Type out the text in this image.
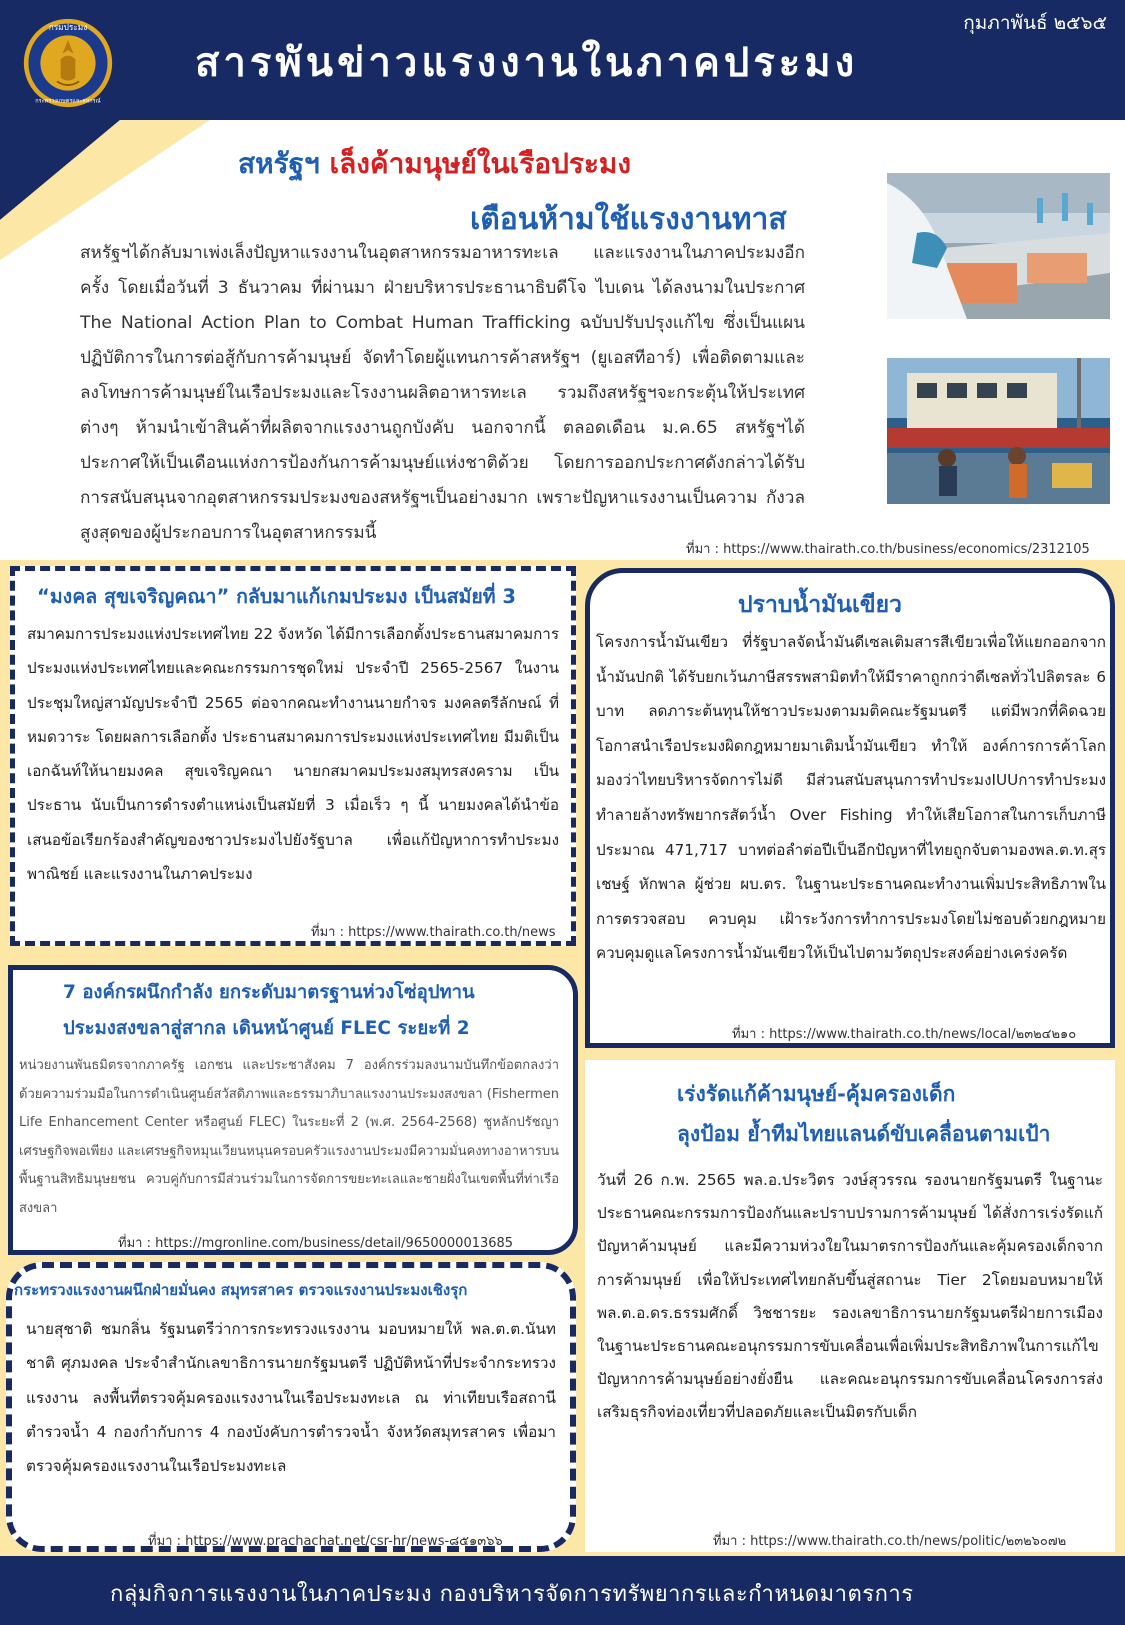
กุมภาพันธ์ ๒๕๖๕
สารพันข่าวแรงงานในภาคประมง
กรมประมง
กระทรวงเกษตรและสหกรณ์
สหรัฐฯ เล็งค้ามนุษย์ในเรือประมง
เตือนห้ามใช้แรงงานทาส
สหรัฐฯได้กลับมาเพ่งเล็งปัญหาแรงงานในอุตสาหกรรมอาหารทะเล และแรงงานในภาคประมงอีกครั้ง โดยเมื่อวันที่ 3 ธันวาคม ที่ผ่านมา ฝ่ายบริหารประธานาธิบดีโจ ไบเดน ได้ลงนามในประกาศ The National Action Plan to Combat Human Trafficking ฉบับปรับปรุงแก้ไข ซึ่งเป็นแผนปฏิบัติการในการต่อสู้กับการค้ามนุษย์ จัดทำโดยผู้แทนการค้าสหรัฐฯ (ยูเอสทีอาร์) เพื่อติดตามและลงโทษการค้ามนุษย์ในเรือประมงและโรงงานผลิตอาหารทะเล รวมถึงสหรัฐฯจะกระตุ้นให้ประเทศต่างๆ ห้ามนำเข้าสินค้าที่ผลิตจากแรงงานถูกบังคับ นอกจากนี้ ตลอดเดือน ม.ค.65 สหรัฐฯได้ประกาศให้เป็นเดือนแห่งการป้องกันการค้ามนุษย์แห่งชาติด้วย โดยการออกประกาศดังกล่าวได้รับการสนับสนุนจากอุตสาหกรรมประมงของสหรัฐฯเป็นอย่างมาก เพราะปัญหาแรงงานเป็นความ กังวลสูงสุดของผู้ประกอบการในอุตสาหกรรมนี้
ที่มา : https://www.thairath.co.th/business/economics/2312105
“มงคล สุขเจริญคณา” กลับมาแก้เกมประมง เป็นสมัยที่ 3
สมาคมการประมงแห่งประเทศไทย 22 จังหวัด ได้มีการเลือกตั้งประธานสมาคมการประมงแห่งประเทศไทยและคณะกรรมการชุดใหม่ ประจำปี 2565-2567 ในงานประชุมใหญ่สามัญประจำปี 2565 ต่อจากคณะทำงานนายกำจร มงคลตรีลักษณ์ ที่หมดวาระ โดยผลการเลือกตั้ง ประธานสมาคมการประมงแห่งประเทศไทย มีมติเป็นเอกฉันท์ให้นายมงคล สุขเจริญคณา นายกสมาคมประมงสมุทรสงคราม เป็นประธาน นับเป็นการดำรงตำแหน่งเป็นสมัยที่ 3 เมื่อเร็ว ๆ นี้ นายมงคลได้นำข้อเสนอข้อเรียกร้องสำคัญของชาวประมงไปยังรัฐบาล เพื่อแก้ปัญหาการทำประมงพาณิชย์ และแรงงานในภาคประมง
ที่มา : https://www.thairath.co.th/news
ปราบน้ำมันเขียว
โครงการน้ำมันเขียว ที่รัฐบาลจัดน้ำมันดีเซลเติมสารสีเขียวเพื่อให้แยกออกจากน้ำมันปกติ ได้รับยกเว้นภาษีสรรพสามิตทำให้มีราคาถูกกว่าดีเซลทั่วไปลิตรละ 6 บาท ลดภาระต้นทุนให้ชาวประมงตามมติคณะรัฐมนตรี แต่มีพวกที่คิดฉวยโอกาสนำเรือประมงผิดกฎหมายมาเติมน้ำมันเขียว ทำให้ องค์การการค้าโลก มองว่าไทยบริหารจัดการไม่ดี มีส่วนสนับสนุนการทำประมงIUUการทำประมงทำลายล้างทรัพยากรสัตว์น้ำ Over Fishing ทำให้เสียโอกาสในการเก็บภาษีประมาณ 471,717 บาทต่อลำต่อปีเป็นอีกปัญหาที่ไทยถูกจับตามองพล.ต.ท.สุรเชษฐ์ หักพาล ผู้ช่วย ผบ.ตร. ในฐานะประธานคณะทำงานเพิ่มประสิทธิภาพในการตรวจสอบ ควบคุม เฝ้าระวังการทำการประมงโดยไม่ชอบด้วยกฎหมาย ควบคุมดูแลโครงการน้ำมันเขียวให้เป็นไปตามวัตถุประสงค์อย่างเคร่งครัด
ที่มา : https://www.thairath.co.th/news/local/๒๓๒๔๒๑๐
7 องค์กรผนึกกำลัง ยกระดับมาตรฐานห่วงโซ่อุปทาน
ประมงสงขลาสู่สากล เดินหน้าศูนย์ FLEC ระยะที่ 2
หน่วยงานพันธมิตรจากภาครัฐ เอกชน และประชาสังคม 7 องค์กรร่วมลงนามบันทึกข้อตกลงว่าด้วยความร่วมมือในการดำเนินศูนย์สวัสดิภาพและธรรมาภิบาลแรงงานประมงสงขลา (Fishermen Life Enhancement Center หรือศูนย์ FLEC) ในระยะที่ 2 (พ.ศ. 2564-2568) ชูหลักปรัชญาเศรษฐกิจพอเพียง และเศรษฐกิจหมุนเวียนหนุนครอบครัวแรงงานประมงมีความมั่นคงทางอาหารบนพื้นฐานสิทธิมนุษยชน ควบคู่กับการมีส่วนร่วมในการจัดการขยะทะเลและชายฝั่งในเขตพื้นที่ท่าเรือสงขลา
ที่มา : https://mgronline.com/business/detail/9650000013685
เร่งรัดแก้ค้ามนุษย์-คุ้มครองเด็ก
ลุงป้อม ย้ำทีมไทยแลนด์ขับเคลื่อนตามเป้า
วันที่ 26 ก.พ. 2565 พล.อ.ประวิตร วงษ์สุวรรณ รองนายกรัฐมนตรี ในฐานะประธานคณะกรรมการป้องกันและปราบปรามการค้ามนุษย์ ได้สั่งการเร่งรัดแก้ปัญหาค้ามนุษย์ และมีความห่วงใยในมาตรการป้องกันและคุ้มครองเด็กจากการค้ามนุษย์ เพื่อให้ประเทศไทยกลับขึ้นสู่สถานะ Tier 2โดยมอบหมายให้ พล.ต.อ.ดร.ธรรมศักดิ์ วิชชารยะ รองเลขาธิการนายกรัฐมนตรีฝ่ายการเมือง ในฐานะประธานคณะอนุกรรมการขับเคลื่อนเพื่อเพิ่มประสิทธิภาพในการแก้ไขปัญหาการค้ามนุษย์อย่างยั่งยืน และคณะอนุกรรมการขับเคลื่อนโครงการส่งเสริมธุรกิจท่องเที่ยวที่ปลอดภัยและเป็นมิตรกับเด็ก
ที่มา : https://www.thairath.co.th/news/politic/๒๓๒๖๐๗๒
กระทรวงแรงงานผนึกฝ่ายมั่นคง สมุทรสาคร ตรวจแรงงานประมงเชิงรุก
นายสุชาติ ชมกลิ่น รัฐมนตรีว่าการกระทรวงแรงงาน มอบหมายให้ พล.ต.ต.นันทชาติ ศุภมงคล ประจำสำนักเลขาธิการนายกรัฐมนตรี ปฏิบัติหน้าที่ประจำกระทรวงแรงงาน ลงพื้นที่ตรวจคุ้มครองแรงงานในเรือประมงทะเล ณ ท่าเทียบเรือสถานีตำรวจน้ำ 4 กองกำกับการ 4 กองบังคับการตำรวจน้ำ จังหวัดสมุทรสาคร เพื่อมาตรวจคุ้มครองแรงงานในเรือประมงทะเล
ที่มา : https://www.prachachat.net/csr-hr/news-๘๕๑๓๖๖
กลุ่มกิจการแรงงานในภาคประมง กองบริหารจัดการทรัพยากรและกำหนดมาตรการ
